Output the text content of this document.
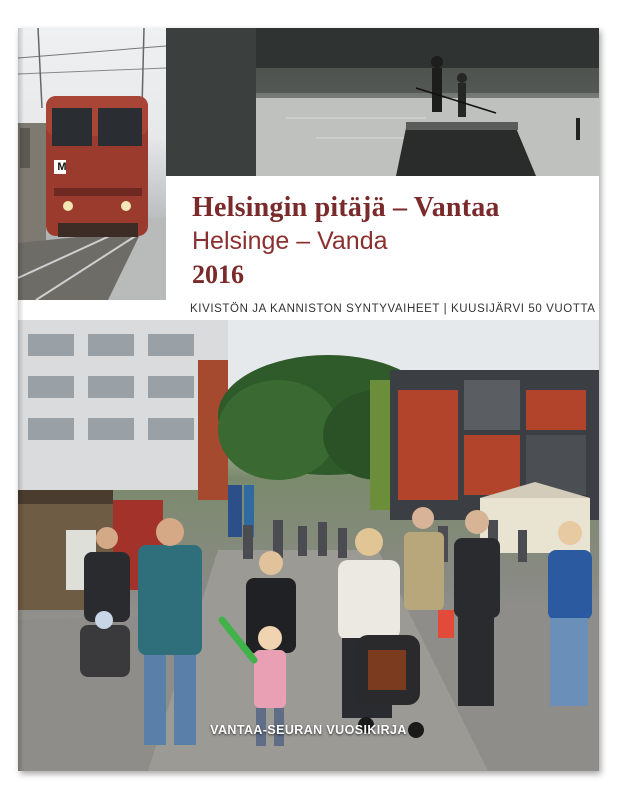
M
Helsingin pitäjä – Vantaa
Helsinge – Vanda
2016
KIVISTÖN JA KANNISTON SYNTYVAIHEET | KUUSIJÄRVI 50 VUOTTA
VANTAA-SEURAN VUOSIKIRJA
